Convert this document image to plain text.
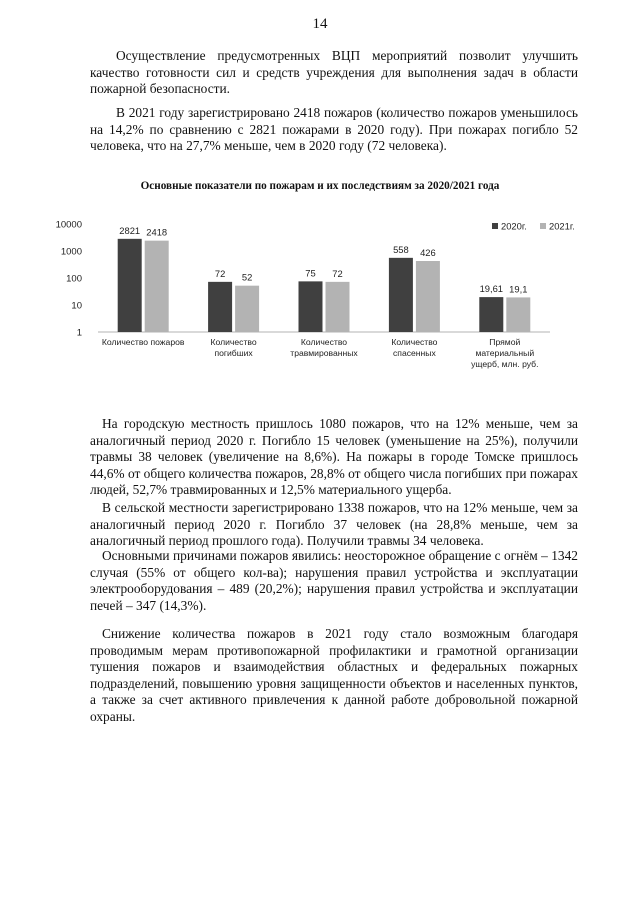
14

Осуществление предусмотренных ВЦП мероприятий позволит улучшить качество готовности сил и средств учреждения для выполнения задач в области пожарной безопасности.

В 2021 году зарегистрировано 2418 пожаров (количество пожаров уменьшилось на 14,2% по сравнению с 2821 пожарами в 2020 году). При пожарах погибло 52 человека, что на 27,7% меньше, чем в 2020 году (72 человека).

Основные показатели по пожарам и их последствиям за 2020/2021 года
10000
1000
100
10
1
2821 2418
Количество пожаров
72 52
Количество
погибших
75 72
Количество
травмированных
558 426
Количество
спасенных
19,61 19,1
Прямой
материальный
ущерб, млн. руб.
2020г. 2021г.

На городскую местность пришлось 1080 пожаров, что на 12% меньше, чем за аналогичный период 2020 г. Погибло 15 человек (уменьшение на 25%), получили травмы 38 человек (увеличение на 8,6%). На пожары в городе Томске пришлось 44,6% от общего количества пожаров, 28,8% от общего числа погибших при пожарах людей, 52,7% травмированных и 12,5% материального ущерба.

В сельской местности зарегистрировано 1338 пожаров, что на 12% меньше, чем за аналогичный период 2020 г. Погибло 37 человек (на 28,8% меньше, чем за аналогичный период прошлого года). Получили травмы 34 человека.

Основными причинами пожаров явились: неосторожное обращение с огнём – 1342 случая (55% от общего кол-ва); нарушения правил устройства и эксплуатации электрооборудования – 489 (20,2%); нарушения правил устройства и эксплуатации печей – 347 (14,3%).

Снижение количества пожаров в 2021 году стало возможным благодаря проводимым мерам противопожарной профилактики и грамотной организации тушения пожаров и взаимодействия областных и федеральных пожарных подразделений, повышению уровня защищенности объектов и населенных пунктов, а также за счет активного привлечения к данной работе добровольной пожарной охраны.
